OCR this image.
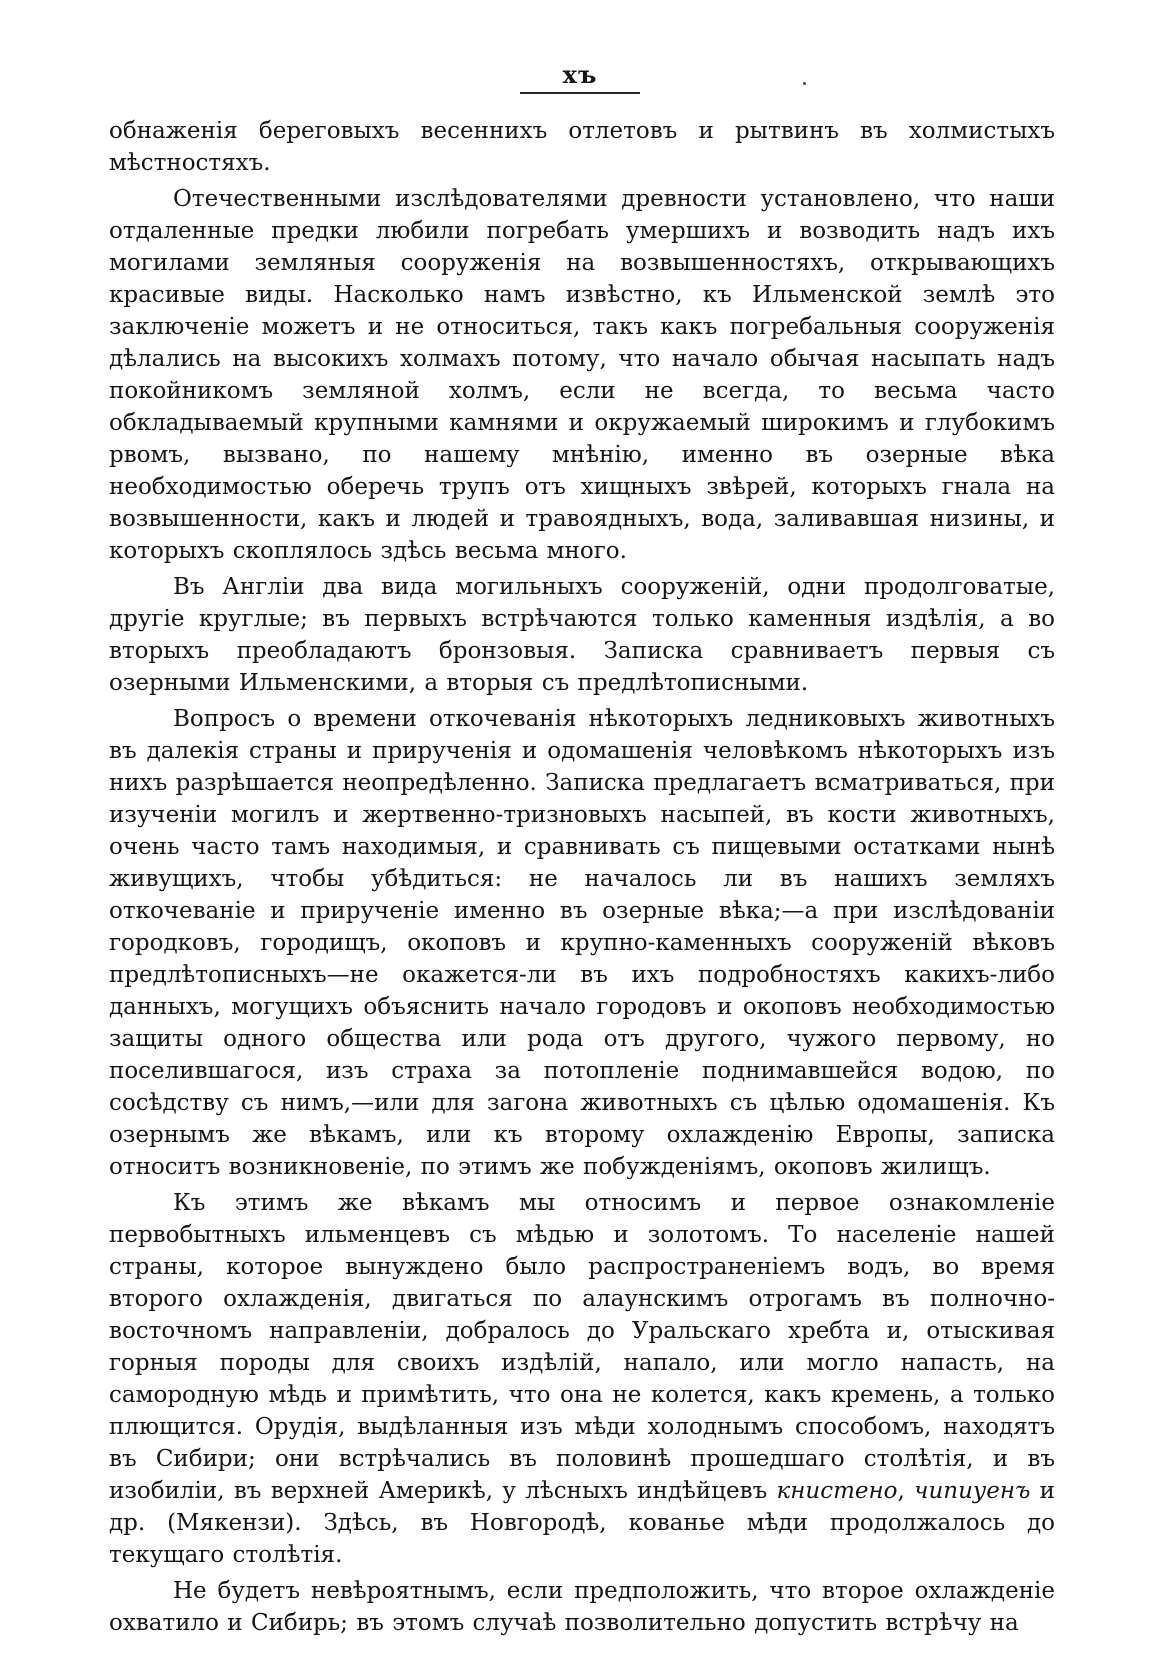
xъ

обнаженія береговыхъ весеннихъ отлетовъ и рытвинъ въ холмистыхъ мѣстностяхъ.

Отечественными изслѣдователями древности установлено, что наши отдаленные предки любили погребать умершихъ и возводить надъ ихъ могилами земляныя сооруженія на возвышенностяхъ, открывающихъ красивые виды. Насколько намъ извѣстно, къ Ильменской землѣ это заключеніе можетъ и не относиться, такъ какъ погребальныя сооруженія дѣлались на высокихъ холмахъ потому, что начало обычая насыпать надъ покойникомъ земляной холмъ, если не всегда, то весьма часто обкладываемый крупными камнями и окружаемый широкимъ и глубокимъ рвомъ, вызвано, по нашему мнѣнію, именно въ озерные вѣка необходимостью оберечь трупъ отъ хищныхъ звѣрей, которыхъ гнала на возвышенности, какъ и людей и травоядныхъ, вода, заливавшая низины, и которыхъ скоплялось здѣсь весьма много.

Въ Англіи два вида могильныхъ сооруженій, одни продолговатые, другіе круглые; въ первыхъ встрѣчаются только каменныя издѣлія, а во вторыхъ преобладаютъ бронзовыя. Записка сравниваетъ первыя съ озерными Ильменскими, а вторыя съ предлѣтописными.

Вопросъ о времени откочеванія нѣкоторыхъ ледниковыхъ животныхъ въ далекія страны и прирученія и одомашенія человѣкомъ нѣкоторыхъ изъ нихъ разрѣшается неопредѣленно. Записка предлагаетъ всматриваться, при изученіи могилъ и жертвенно-тризновыхъ насыпей, въ кости животныхъ, очень часто тамъ находимыя, и сравнивать съ пищевыми остатками нынѣ живущихъ, чтобы убѣдиться: не началось ли въ нашихъ земляхъ откочеваніе и прирученіе именно въ озерные вѣка;—а при изслѣдованіи городковъ, городищъ, окоповъ и крупно-каменныхъ сооруженій вѣковъ предлѣтописныхъ—не окажется-ли въ ихъ подробностяхъ какихъ-либо данныхъ, могущихъ объяснить начало городовъ и окоповъ необходимостью защиты одного общества или рода отъ другого, чужого первому, но поселившагося, изъ страха за потопленіе поднимавшейся водою, по сосѣдству съ нимъ,—или для загона животныхъ съ цѣлью одомашенія. Къ озернымъ же вѣкамъ, или къ второму охлажденію Европы, записка относитъ возникновеніе, по этимъ же побужденіямъ, окоповъ жилищъ.

Къ этимъ же вѣкамъ мы относимъ и первое ознакомленіе первобытныхъ ильменцевъ съ мѣдью и золотомъ. То населеніе нашей страны, которое вынуждено было распространеніемъ водъ, во время второго охлажденія, двигаться по алаунскимъ отрогамъ въ полночно-восточномъ направленіи, добралось до Уральскаго хребта и, отыскивая горныя породы для своихъ издѣлій, напало, или могло напасть, на самородную мѣдь и примѣтить, что она не колется, какъ кремень, а только плющится. Орудія, выдѣланныя изъ мѣди холоднымъ способомъ, находятъ въ Сибири; они встрѣчались въ половинѣ прошедшаго столѣтія, и въ изобиліи, въ верхней Америкѣ, у лѣсныхъ индѣйцевъ книстено, чипиуенъ и др. (Мякензи). Здѣсь, въ Новгородѣ, кованье мѣди продолжалось до текущаго столѣтія.

Не будетъ невѣроятнымъ, если предположить, что второе охлажденіе охватило и Сибирь; въ этомъ случаѣ позволительно допустить встрѣчу на
